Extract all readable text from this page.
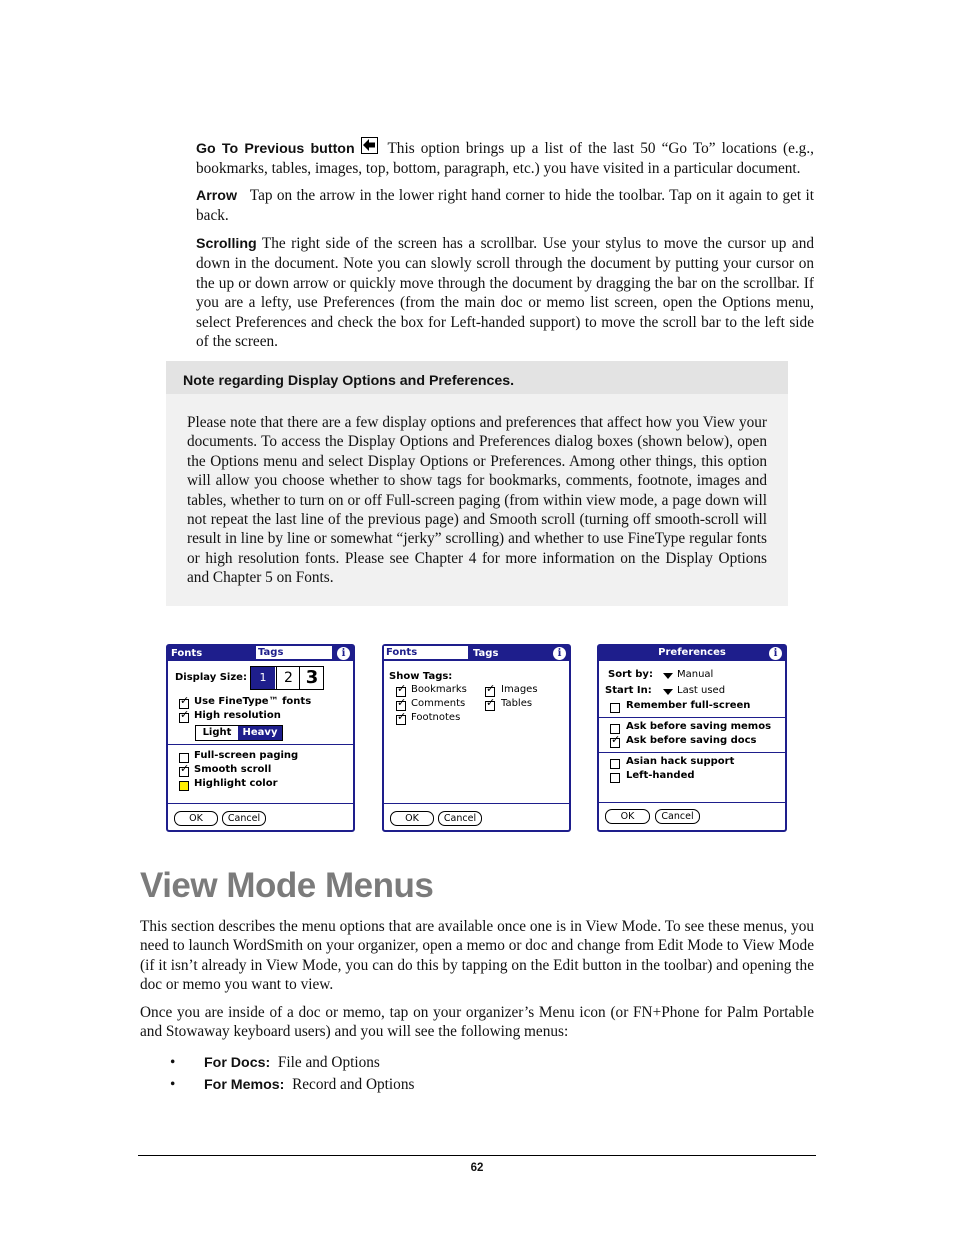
Go To Previous button This option brings up a list of the last 50 “Go To” locations (e.g., bookmarks, tables, images, top, bottom, paragraph, etc.) you have visited in a particular document.
Arrow Tap on the arrow in the lower right hand corner to hide the toolbar. Tap on it again to get it back.
Scrolling The right side of the screen has a scrollbar. Use your stylus to move the cursor up and down in the document. Note you can slowly scroll through the document by putting your cursor on the up or down arrow or quickly move through the document by dragging the bar on the scrollbar. If you are a lefty, use Preferences (from the main doc or memo list screen, open the Options menu, select Preferences and check the box for Left-handed support) to move the scroll bar to the left side of the screen.
Note regarding Display Options and Preferences.
Please note that there are a few display options and preferences that affect how you View your documents. To access the Display Options and Preferences dialog boxes (shown below), open the Options menu and select Display Options or Preferences. Among other things, this option will allow you choose whether to show tags for bookmarks, comments, footnote, images and tables, whether to turn on or off Full-screen paging (from within view mode, a page down will not repeat the last line of the previous page) and Smooth scroll (turning off smooth-scroll will result in line by line or somewhat “jerky” scrolling) and whether to use FineType regular fonts or high resolution fonts. Please see Chapter 4 for more information on the Display Options and Chapter 5 on Fonts.
Fonts	Tags	i
Display Size:	1	2 3
✓ Use FineType™ fonts
✓ High resolution
Light	Heavy
Full-screen paging
✓ Smooth scroll
Highlight color
OK	Cancel
Fonts	Tags	i
Show Tags:
✓ Bookmarks
✓ Comments
✓ Footnotes
✓ Images
✓ Tables
OK	Cancel
Preferences	i
Sort by: Manual
Start In:	Last used
Remember full-screen
Ask before saving memos
✓ Ask before saving docs
Asian hack support
Left-handed
OK	Cancel
View Mode Menus
This section describes the menu options that are available once one is in View Mode. To see these menus, you need to launch WordSmith on your organizer, open a memo or doc and change from Edit Mode to View Mode (if it isn’t already in View Mode, you can do this by tapping on the Edit button in the toolbar) and opening the doc or memo you want to view.
Once you are inside of a doc or memo, tap on your organizer’s Menu icon (or FN+Phone for Palm Portable and Stowaway keyboard users) and you will see the following menus:
• For Docs: File and Options
• For Memos: Record and Options
62
